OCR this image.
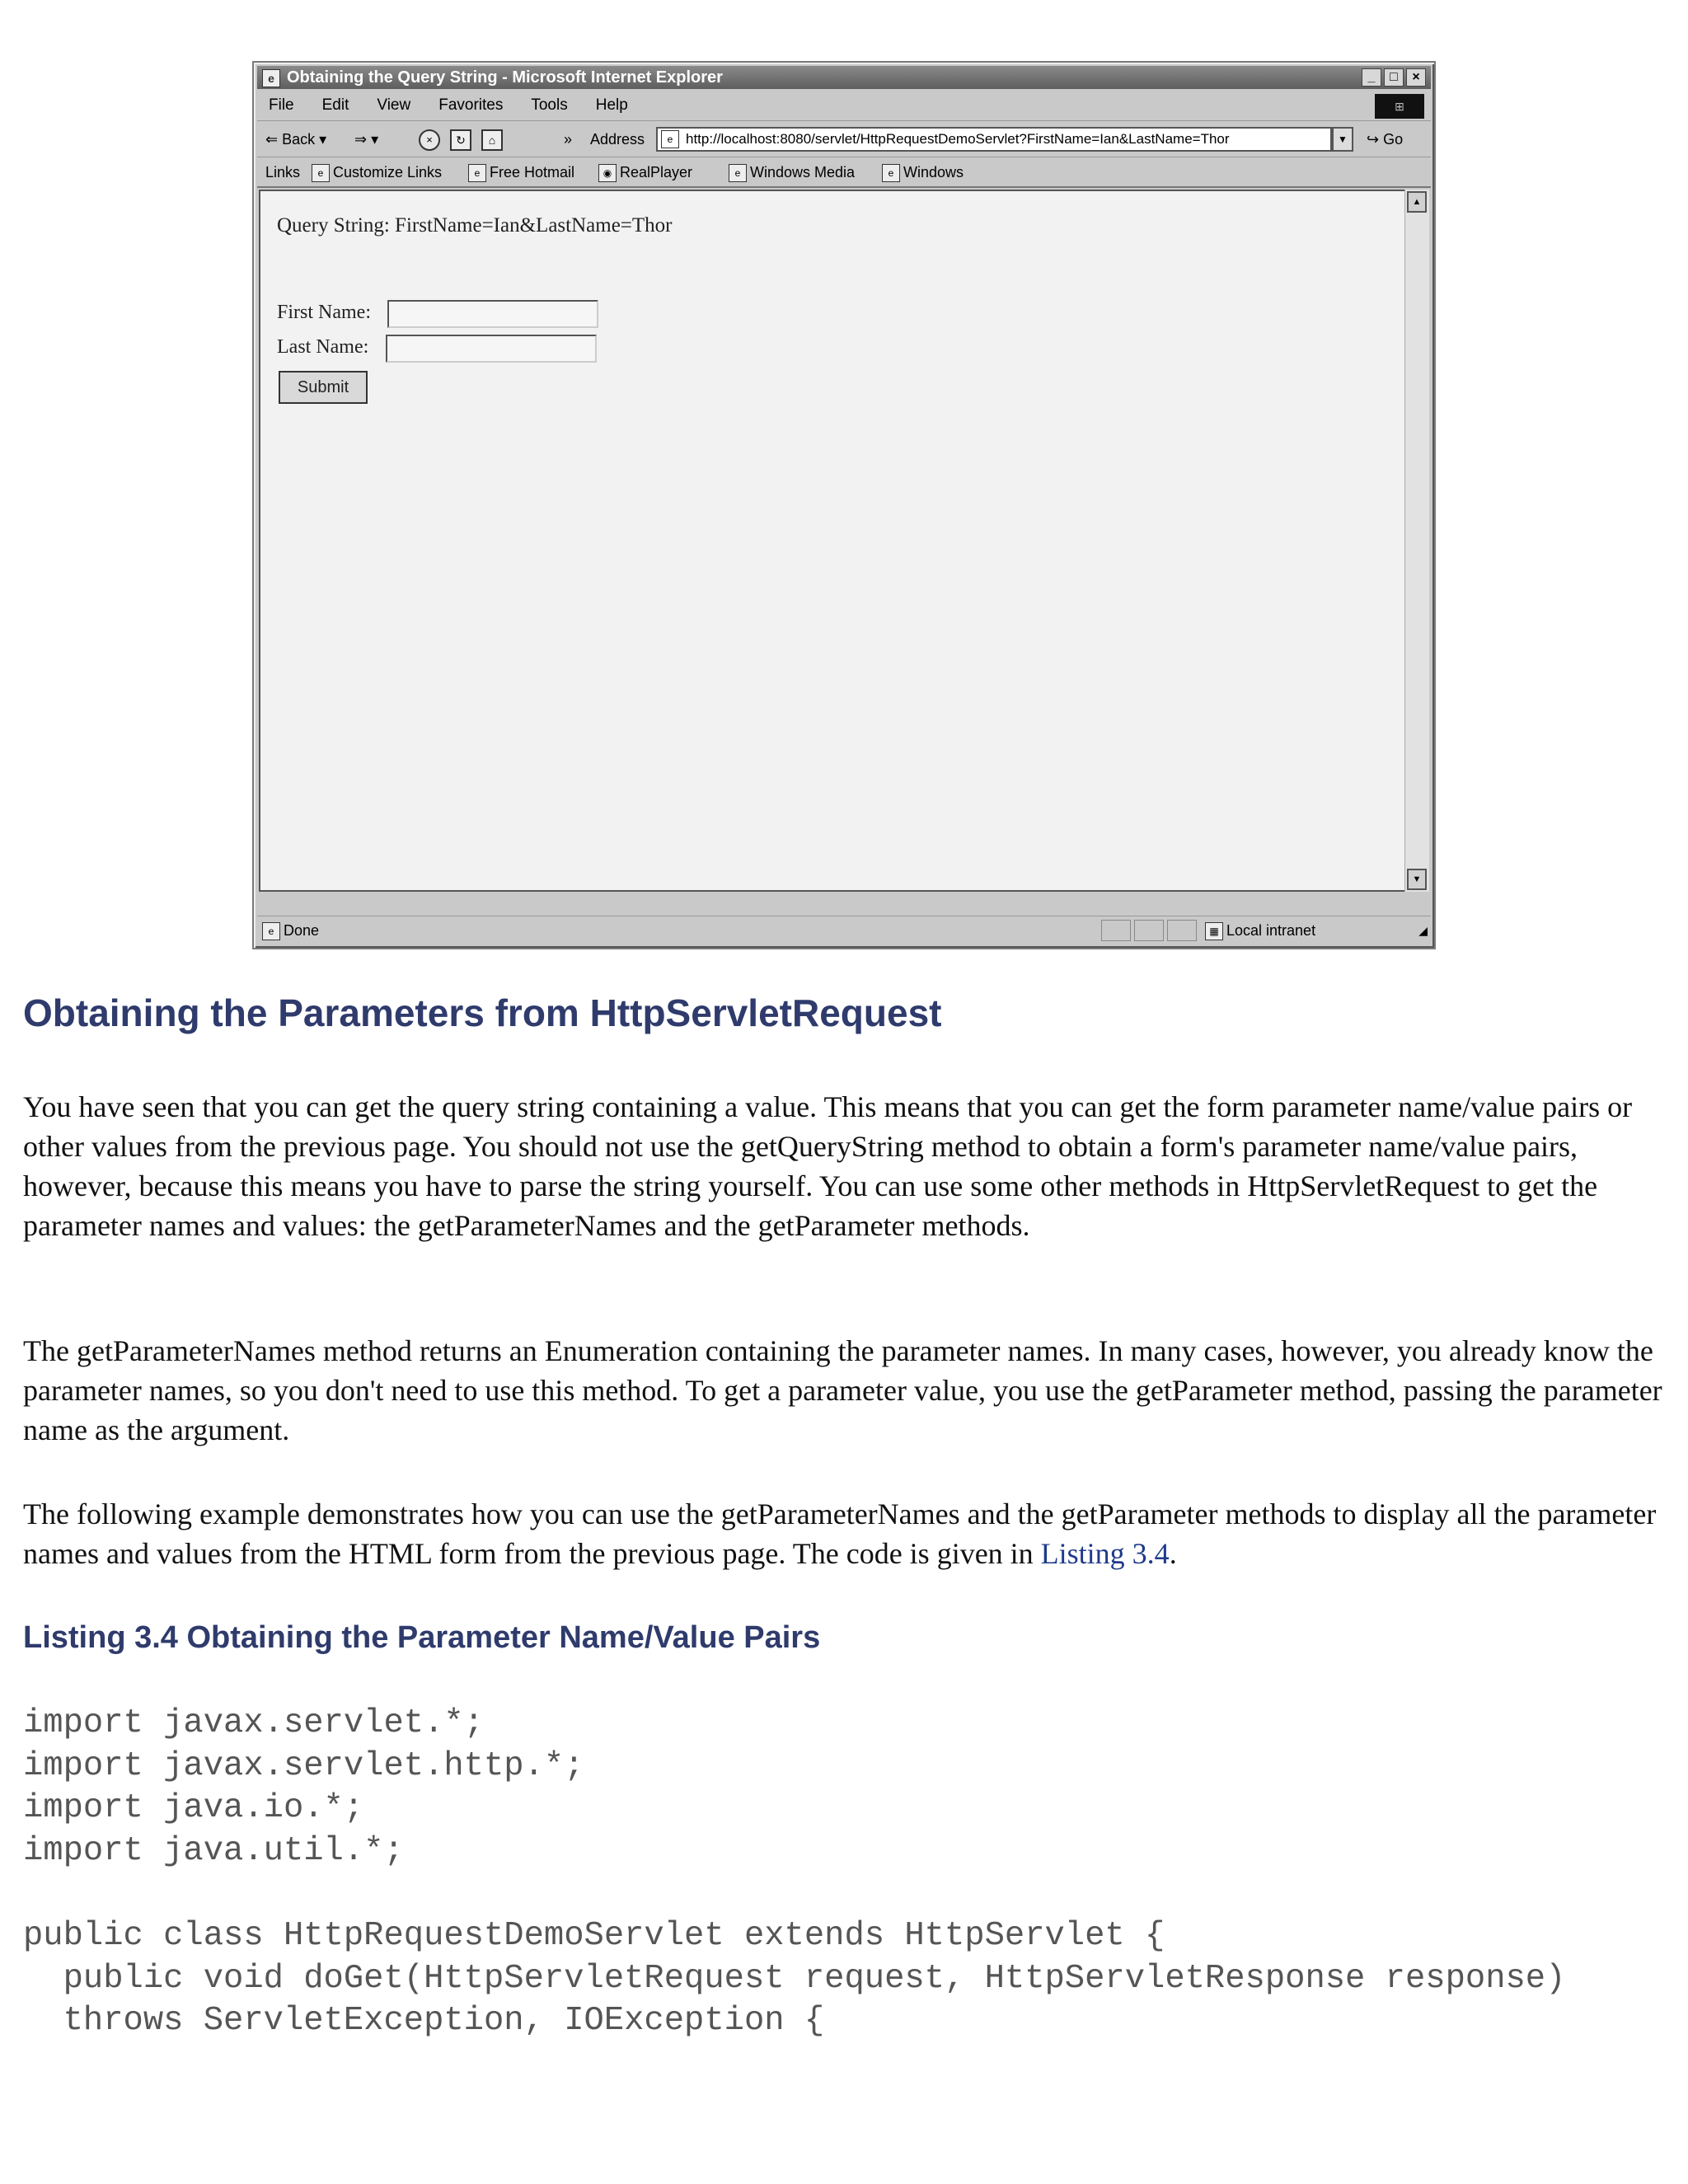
e Obtaining the Query String - Microsoft Internet Explorer	_	□	×
File Edit View Favorites Tools Help	⊞
⇐ Back ▾ ⇒ ▾	×	↻	⌂	» Address	e http://localhost:8080/servlet/HttpRequestDemoServlet?FirstName=Ian&LastName=Thor	▼	↪ Go
Links	e Customize Links	e Free Hotmail	◉ RealPlayer	e Windows Media	e Windows
Query String: FirstName=Ian&LastName=Thor
First Name:
Last Name:
Submit
▲
▼
e Done	▦ Local intranet	◢
Obtaining the Parameters from HttpServletRequest

You have seen that you can get the query string containing a value. This means that you can get the form parameter name/value pairs or other values from the previous page. You should not use the getQueryString method to obtain a form's parameter name/value pairs, however, because this means you have to parse the string yourself. You can use some other methods in HttpServletRequest to get the parameter names and values: the getParameterNames and the getParameter methods.

The getParameterNames method returns an Enumeration containing the parameter names. In many cases, however, you already know the parameter names, so you don't need to use this method. To get a parameter value, you use the getParameter method, passing the parameter name as the argument.

The following example demonstrates how you can use the getParameterNames and the getParameter methods to display all the parameter names and values from the HTML form from the previous page. The code is given in Listing 3.4.

Listing 3.4 Obtaining the Parameter Name/Value Pairs
import javax.servlet.*;
import javax.servlet.http.*;
import java.io.*;
import java.util.*;

public class HttpRequestDemoServlet extends HttpServlet {
public void doGet(HttpServletRequest request, HttpServletResponse response)
throws ServletException, IOException {
